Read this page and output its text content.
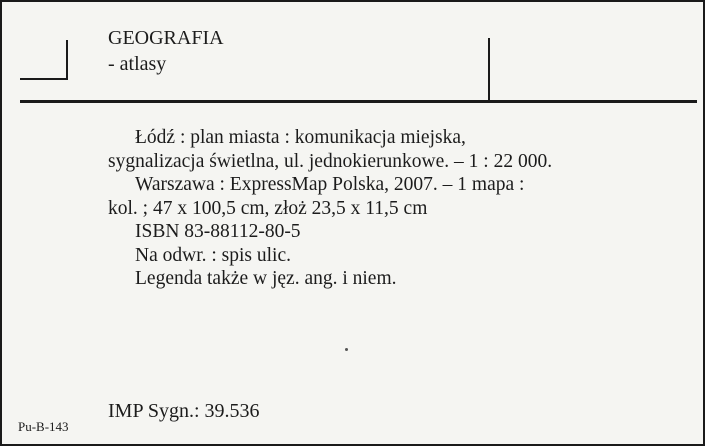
GEOGRAFIA
- atlasy
Łódź : plan miasta : komunikacja miejska,
sygnalizacja świetlna, ul. jednokierunkowe. – 1 : 22 000.
Warszawa : ExpressMap Polska, 2007. – 1 mapa :
kol. ; 47 x 100,5 cm, złoż 23,5 x 11,5 cm
ISBN 83-88112-80-5
Na odwr. : spis ulic.
Legenda także w jęz. ang. i niem.
IMP Sygn.: 39.536
Pu-B-143
